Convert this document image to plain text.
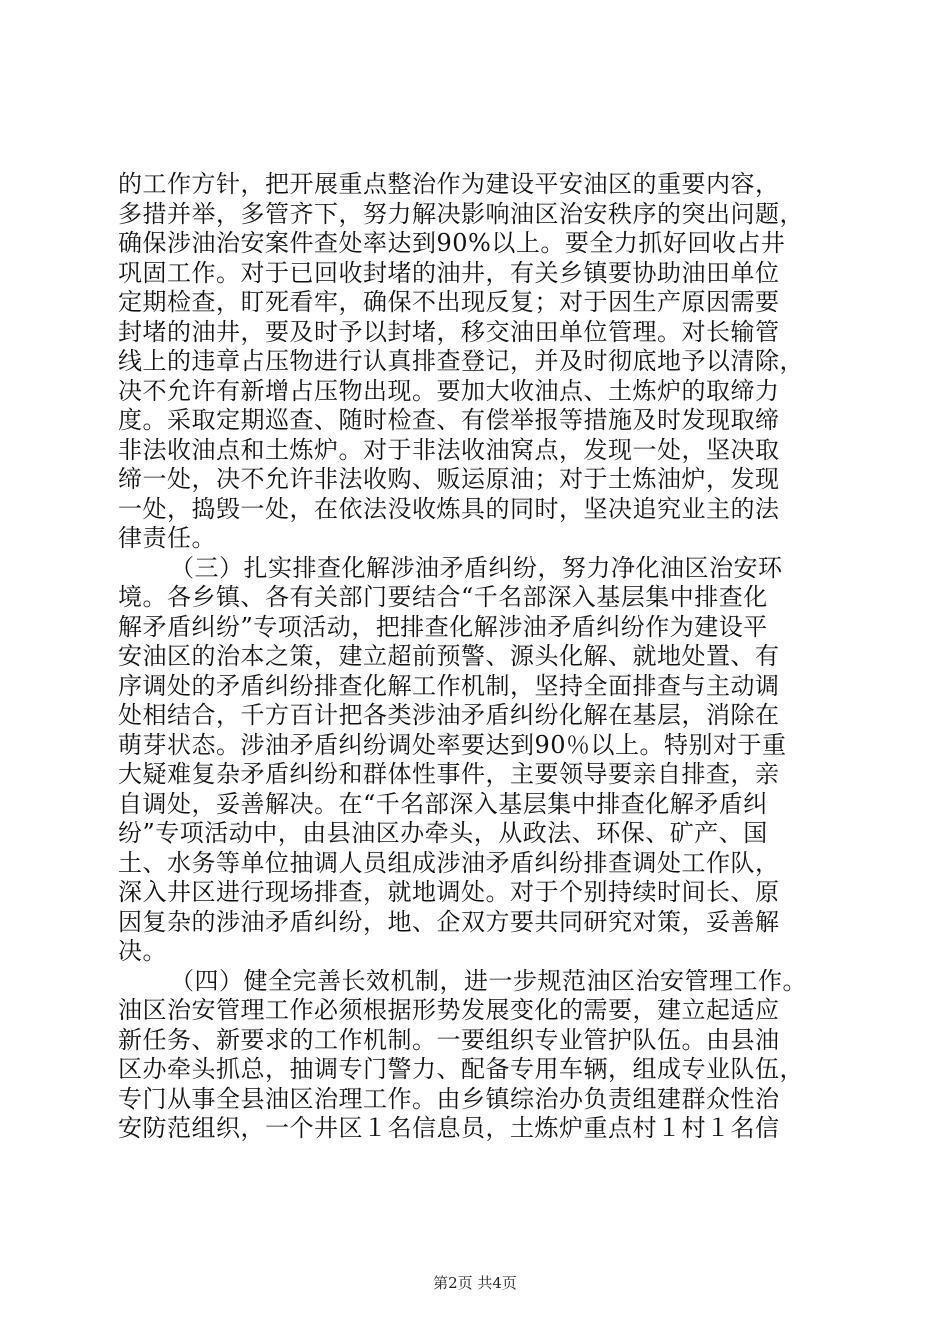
的工作方针，把开展重点整治作为建设平安油区的重要内容，
多措并举，多管齐下，努力解决影响油区治安秩序的突出问题，
确保涉油治安案件查处率达到90%以上。要全力抓好回收占井
巩固工作。对于已回收封堵的油井，有关乡镇要协助油田单位
定期检查，盯死看牢，确保不出现反复；对于因生产原因需要
封堵的油井，要及时予以封堵，移交油田单位管理。对长输管
线上的违章占压物进行认真排查登记，并及时彻底地予以清除，
决不允许有新增占压物出现。要加大收油点、土炼炉的取缔力
度。采取定期巡查、随时检查、有偿举报等措施及时发现取缔
非法收油点和土炼炉。对于非法收油窝点，发现一处，坚决取
缔一处，决不允许非法收购、贩运原油；对于土炼油炉，发现
一处，捣毁一处，在依法没收炼具的同时，坚决追究业主的法
律责任。
（三）扎实排查化解涉油矛盾纠纷，努力净化油区治安环
境。各乡镇、各有关部门要结合“千名部深入基层集中排查化
解矛盾纠纷”专项活动，把排查化解涉油矛盾纠纷作为建设平
安油区的治本之策，建立超前预警、源头化解、就地处置、有
序调处的矛盾纠纷排查化解工作机制，坚持全面排查与主动调
处相结合，千方百计把各类涉油矛盾纠纷化解在基层，消除在
萌芽状态。涉油矛盾纠纷调处率要达到90％以上。特别对于重
大疑难复杂矛盾纠纷和群体性事件，主要领导要亲自排查，亲
自调处，妥善解决。在“千名部深入基层集中排查化解矛盾纠
纷”专项活动中，由县油区办牵头，从政法、环保、矿产、国
土、水务等单位抽调人员组成涉油矛盾纠纷排查调处工作队，
深入井区进行现场排查，就地调处。对于个别持续时间长、原
因复杂的涉油矛盾纠纷，地、企双方要共同研究对策，妥善解
决。
（四）健全完善长效机制，进一步规范油区治安管理工作。
油区治安管理工作必须根据形势发展变化的需要，建立起适应
新任务、新要求的工作机制。一要组织专业管护队伍。由县油
区办牵头抓总，抽调专门警力、配备专用车辆，组成专业队伍，
专门从事全县油区治理工作。由乡镇综治办负责组建群众性治
安防范组织，一个井区１名信息员，土炼炉重点村１村１名信
第2页 共4页
